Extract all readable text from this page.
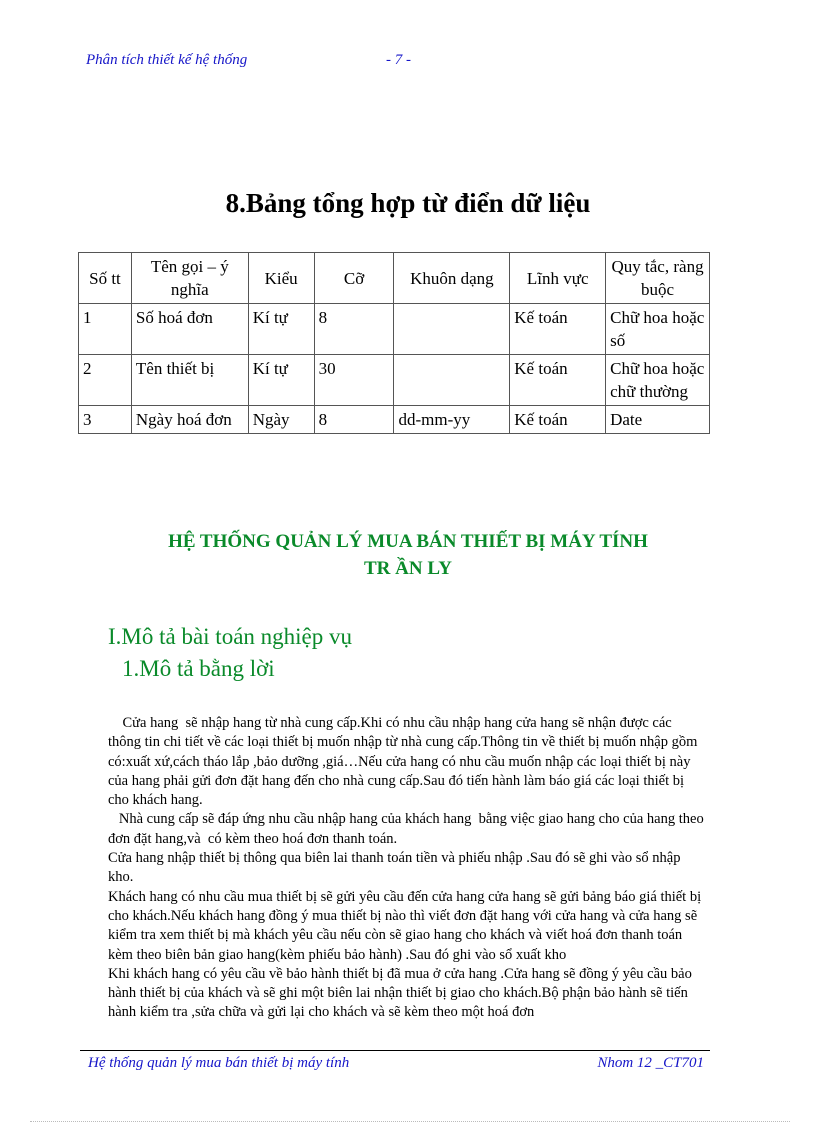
Phân tích thiết kế hệ thống	- 7 -
8.Bảng tổng hợp từ điển dữ liệu
Số tt	Tên gọi – ý nghĩa	Kiểu	Cỡ	Khuôn dạng	Lĩnh vực	Quy tắc, ràng buộc
1	Số hoá đơn	Kí tự	8		Kế toán	Chữ hoa hoặc số
2	Tên thiết bị	Kí tự	30		Kế toán	Chữ hoa hoặc chữ thường
3	Ngày hoá đơn	Ngày	8	dd-mm-yy	Kế toán	Date
HỆ THỐNG QUẢN LÝ MUA BÁN THIẾT BỊ MÁY TÍNH
TR ẦN LY
I.Mô tả bài toán nghiệp vụ
1.Mô tả bằng lời

Cửa hang  sẽ nhập hang từ nhà cung cấp.Khi có nhu cầu nhập hang cửa hang sẽ nhận được các thông tin chi tiết về các loại thiết bị muốn nhập từ nhà cung cấp.Thông tin về thiết bị muốn nhập gồm có:xuất xứ,cách tháo lắp ,bảo dưỡng ,giá…Nếu cửa hang có nhu cầu muốn nhập các loại thiết bị này của hang phải gửi đơn đặt hang đến cho nhà cung cấp.Sau đó tiến hành làm báo giá các loại thiết bị cho khách hang.

Nhà cung cấp sẽ đáp ứng nhu cầu nhập hang của khách hang  bằng việc giao hang cho của hang theo đơn đặt hang,và  có kèm theo hoá đơn thanh toán.

Cửa hang nhập thiết bị thông qua biên lai thanh toán tiền và phiếu nhập .Sau đó sẽ ghi vào sổ nhập kho.

Khách hang có nhu cầu mua thiết bị sẽ gửi yêu cầu đến cửa hang cửa hang sẽ gửi bảng báo giá thiết bị cho khách.Nếu khách hang đồng ý mua thiết bị nào thì viết đơn đặt hang với cửa hang và cửa hang sẽ kiểm tra xem thiết bị mà khách yêu cầu nếu còn sẽ giao hang cho khách và viết hoá đơn thanh toán kèm theo biên bản giao hang(kèm phiếu bảo hành) .Sau đó ghi vào sổ xuất kho

Khi khách hang có yêu cầu về bảo hành thiết bị đã mua ở cửa hang .Cửa hang sẽ đồng ý yêu cầu bảo hành thiết bị của khách và sẽ ghi một biên lai nhận thiết bị giao cho khách.Bộ phận bảo hành sẽ tiến hành kiểm tra ,sửa chữa và gửi lại cho khách và sẽ kèm theo một hoá đơn

Hệ thống quản lý mua bán thiết bị máy tính	Nhom 12 _CT701
